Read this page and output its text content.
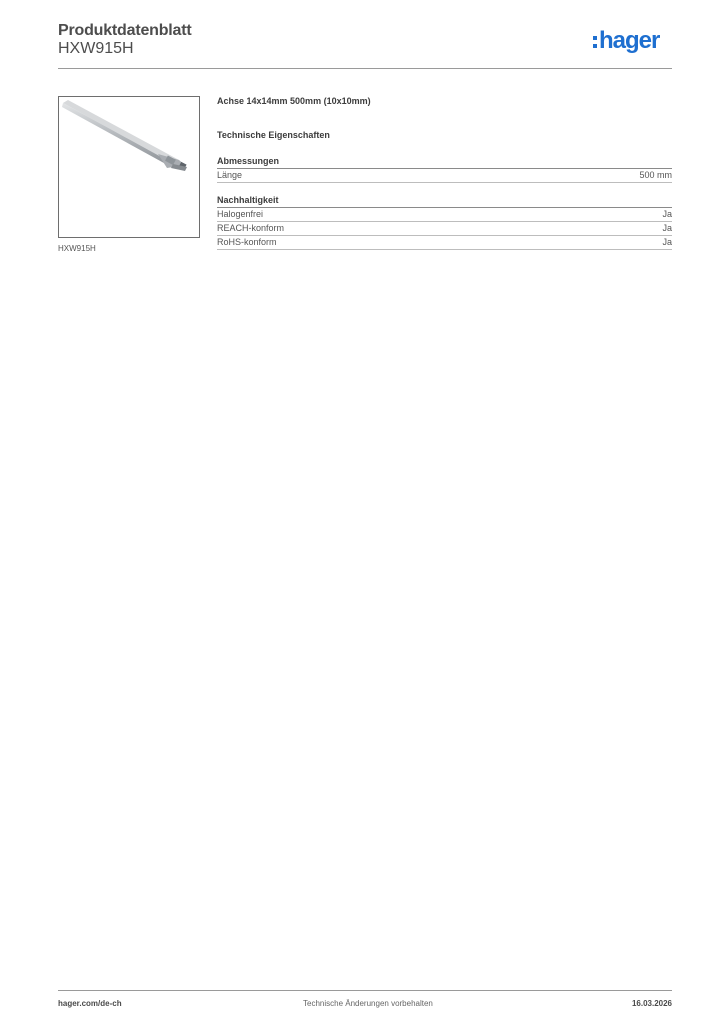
Produktdatenblatt
HXW915H	hager
HXW915H
Achse 14x14mm 500mm (10x10mm)
Technische Eigenschaften
Abmessungen
Länge	500 mm
Nachhaltigkeit
Halogenfrei	Ja
REACH-konform	Ja
RoHS-konform	Ja
hager.com/de-ch	Technische Änderungen vorbehalten	16.03.2026
